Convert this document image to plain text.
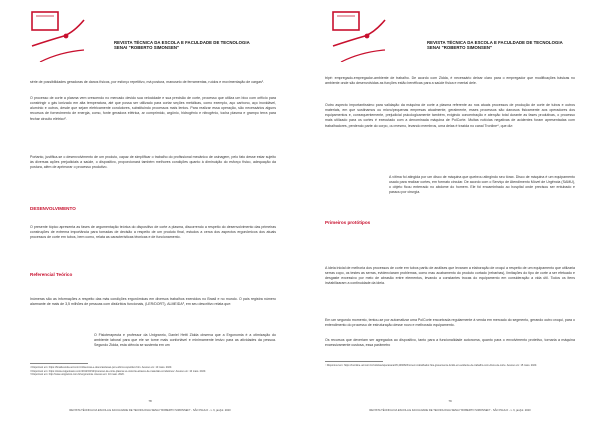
REVISTA TÉCNICA DA ESCOLA E FACULDADE DE TECNOLOGIA
SENAI "ROBERTO SIMONSEN"

série de possibilidades geradoras de danos físicos, por esforço repetitivo, má postura, manuseio de ferramentas, ruídos e movimentação de cargas¹.

O processo de corte a plasma vem crescendo no mercado devido sua velocidade e sua precisão de corte, processo que utiliza um bico com orifício para constringir o gás ionizado em alta temperatura, até que possa ser utilizado para cortar seções metálicas, como exemplo, aço carbono, aço inoxidável, alumínio e outros, desde que sejam eletricamente condutores, substituindo processos mais lentos. Para realizar essa operação, são necessários alguns recursos de fornecimento de energia, como, fonte geradora elétrica, ar comprimido, argônio, hidrogênio e nitrogênio, tocha plasma e grampo terra para fechar circuito elétrico².

Portanto, justifica-se o desenvolvimento de um produto, capaz de simplificar o trabalho do profissional mecânico de usinagem, pelo fato desse estar sujeito às diversas ações prejudiciais a saúde, o dispositivo, proporcionará também melhores condições quanto à diminuição do esforço físico, adequação da postura, além de aprimorar o processo produtivo.

DESENVOLVIMENTO

O presente tópico apresenta as fases de argumentação teórica do dispositivo de corte a plasma, discorrendo a respeito do desenvolvimento das primeiras construções de extrema importância para tomadas de decisão a respeito de um produto final, estudos a cerca dos aspectos ergonômicos dos atuais processos de corte em tubos, bem como, relata as características técnicas e de funcionamento.

Referencial Teórico

Inúmeras são as informações a respeito das más condições ergonômicas em diversos trabalhos exercidos no Brasil e no mundo. O país registra número alarmante de mais de 3,5 milhões de pessoas com distúrbios funcionais, (LER/DORT), ALMEIDA³, em seu descritivo relata que:

O Fisioterapeuta e professor da Unigranrio, Daniel Hetti Zidda observa que a Ergonomia é a otimização do ambiente laboral para que ele se torne mais confortável e minimamente lesivo para as atividades da pessoa. Segundo Zidda, esta ciência se sustenta em um

¹ Disponível em: https://brasilescola.uol.com.br/doencas-e-doencas/lesao-por-esforco-repetitivo.htm. Acesso em: 10 maio. 2020.
² Disponível em: https://www.oxigenioaco.com/2012/03/12/processo-de-corte-plasma-vs-oxicorte-atraves-de-materiais-condutores/. Acesso em: 10 maio. 2020.
³ Disponível em: http://www.unigranrio.com.br/ergonomia. Acesso em: 10 maio. 2020.
78
REVISTA TÉCNICA DA ESCOLA E FACULDADE DE TECNOLOGIA SENAI "ROBERTO SIMONSEN" - SÃO PAULO - v. 6, jan/jul. 2020
REVISTA TÉCNICA DA ESCOLA E FACULDADE DE TECNOLOGIA
SENAI "ROBERTO SIMONSEN"

tripé: empregado-empregador-ambiente de trabalho. De acordo com Zidda, é necessário deixar claro para o empregador que modificações básicas no ambiente onde são desenvolvidas as funções estão benéficas para a saúde física e mental dele.

Outro aspecto importantíssimo para validação da máquina de corte a plasma referente ao nos atuais processos de produção de corte de tubos e outros materiais, em que sustinamos ou micro/pequenas empresas atualmente, geralmente, esses processos são danosos fisicamente aos operadores dos equipamentos e, consequentemente, prejudicial psicologicamente também, exigindo concentração e atenção total durante as fases produtivas, o processo mais utilizado para os cortes é executado com a denominada máquina de PolCorte. Muitas notícias negativas de acidentes foram apresentadas com trabalhadores, perdendo parte do corpo, ou mesmo, levando membros, uma delas é trazida no canal Tronline⁴, que diz:

A vítima foi atingida por um disco de máquina que quebrou atingindo seu tórax. Disco de máquina é um equipamento usado para realizar cortes, em formato circular. De acordo com o Serviço de Atendimento Móvel de Urgência (SAMU), o objeto ficou enterrado no abdome do homem. Ele foi encaminhado ao hospital onde precisou ser entubado e passou por cirurgia.

Primeiros protótipos

A ideia inicial de melhoria dos processos de corte em tubos partiu de análises que levaram a elaboração de croqui a respeito de um equipamento que utilizaria serras copo, os testes as serras, evidenciaram problemas, como mau acabamento do produto cortado (rebarbas), limitações do tipo de corte a ser efetuado e desgaste excessivo por meio de abrasão entre elementos, levando a constantes trocas do equipamento em consideração a vida útil. Todos os itens inviabilizaram a continuidade da ideia.

Em um segundo momento, tentou-se por automatizar uma PolCorte encontrada regularmente à venda em mercado do segmento, gerando outro croqui, para o entendimento do processo de estruturação desse novo e melhorado equipamento.

Os recursos que deveriam ser agregados ao dispositivo, tanto para a funcionalidade autonoma, quanto para o envolvimento protetivo, tornaria a máquina excessivamente custosa, essa parâmetro

⁴ Disponível em: https://tnonline.uol.com.br/noticias/apucarana/45,446082/homem-trabalhador-fica-gravemente-ferido-em-acidente-de-trabalho-com-disco-de-corte. Acesso em: 15 maio. 2020.
79
REVISTA TÉCNICA DA ESCOLA E FACULDADE DE TECNOLOGIA SENAI "ROBERTO SIMONSEN" - SÃO PAULO - v. 6, jan/jul. 2020
